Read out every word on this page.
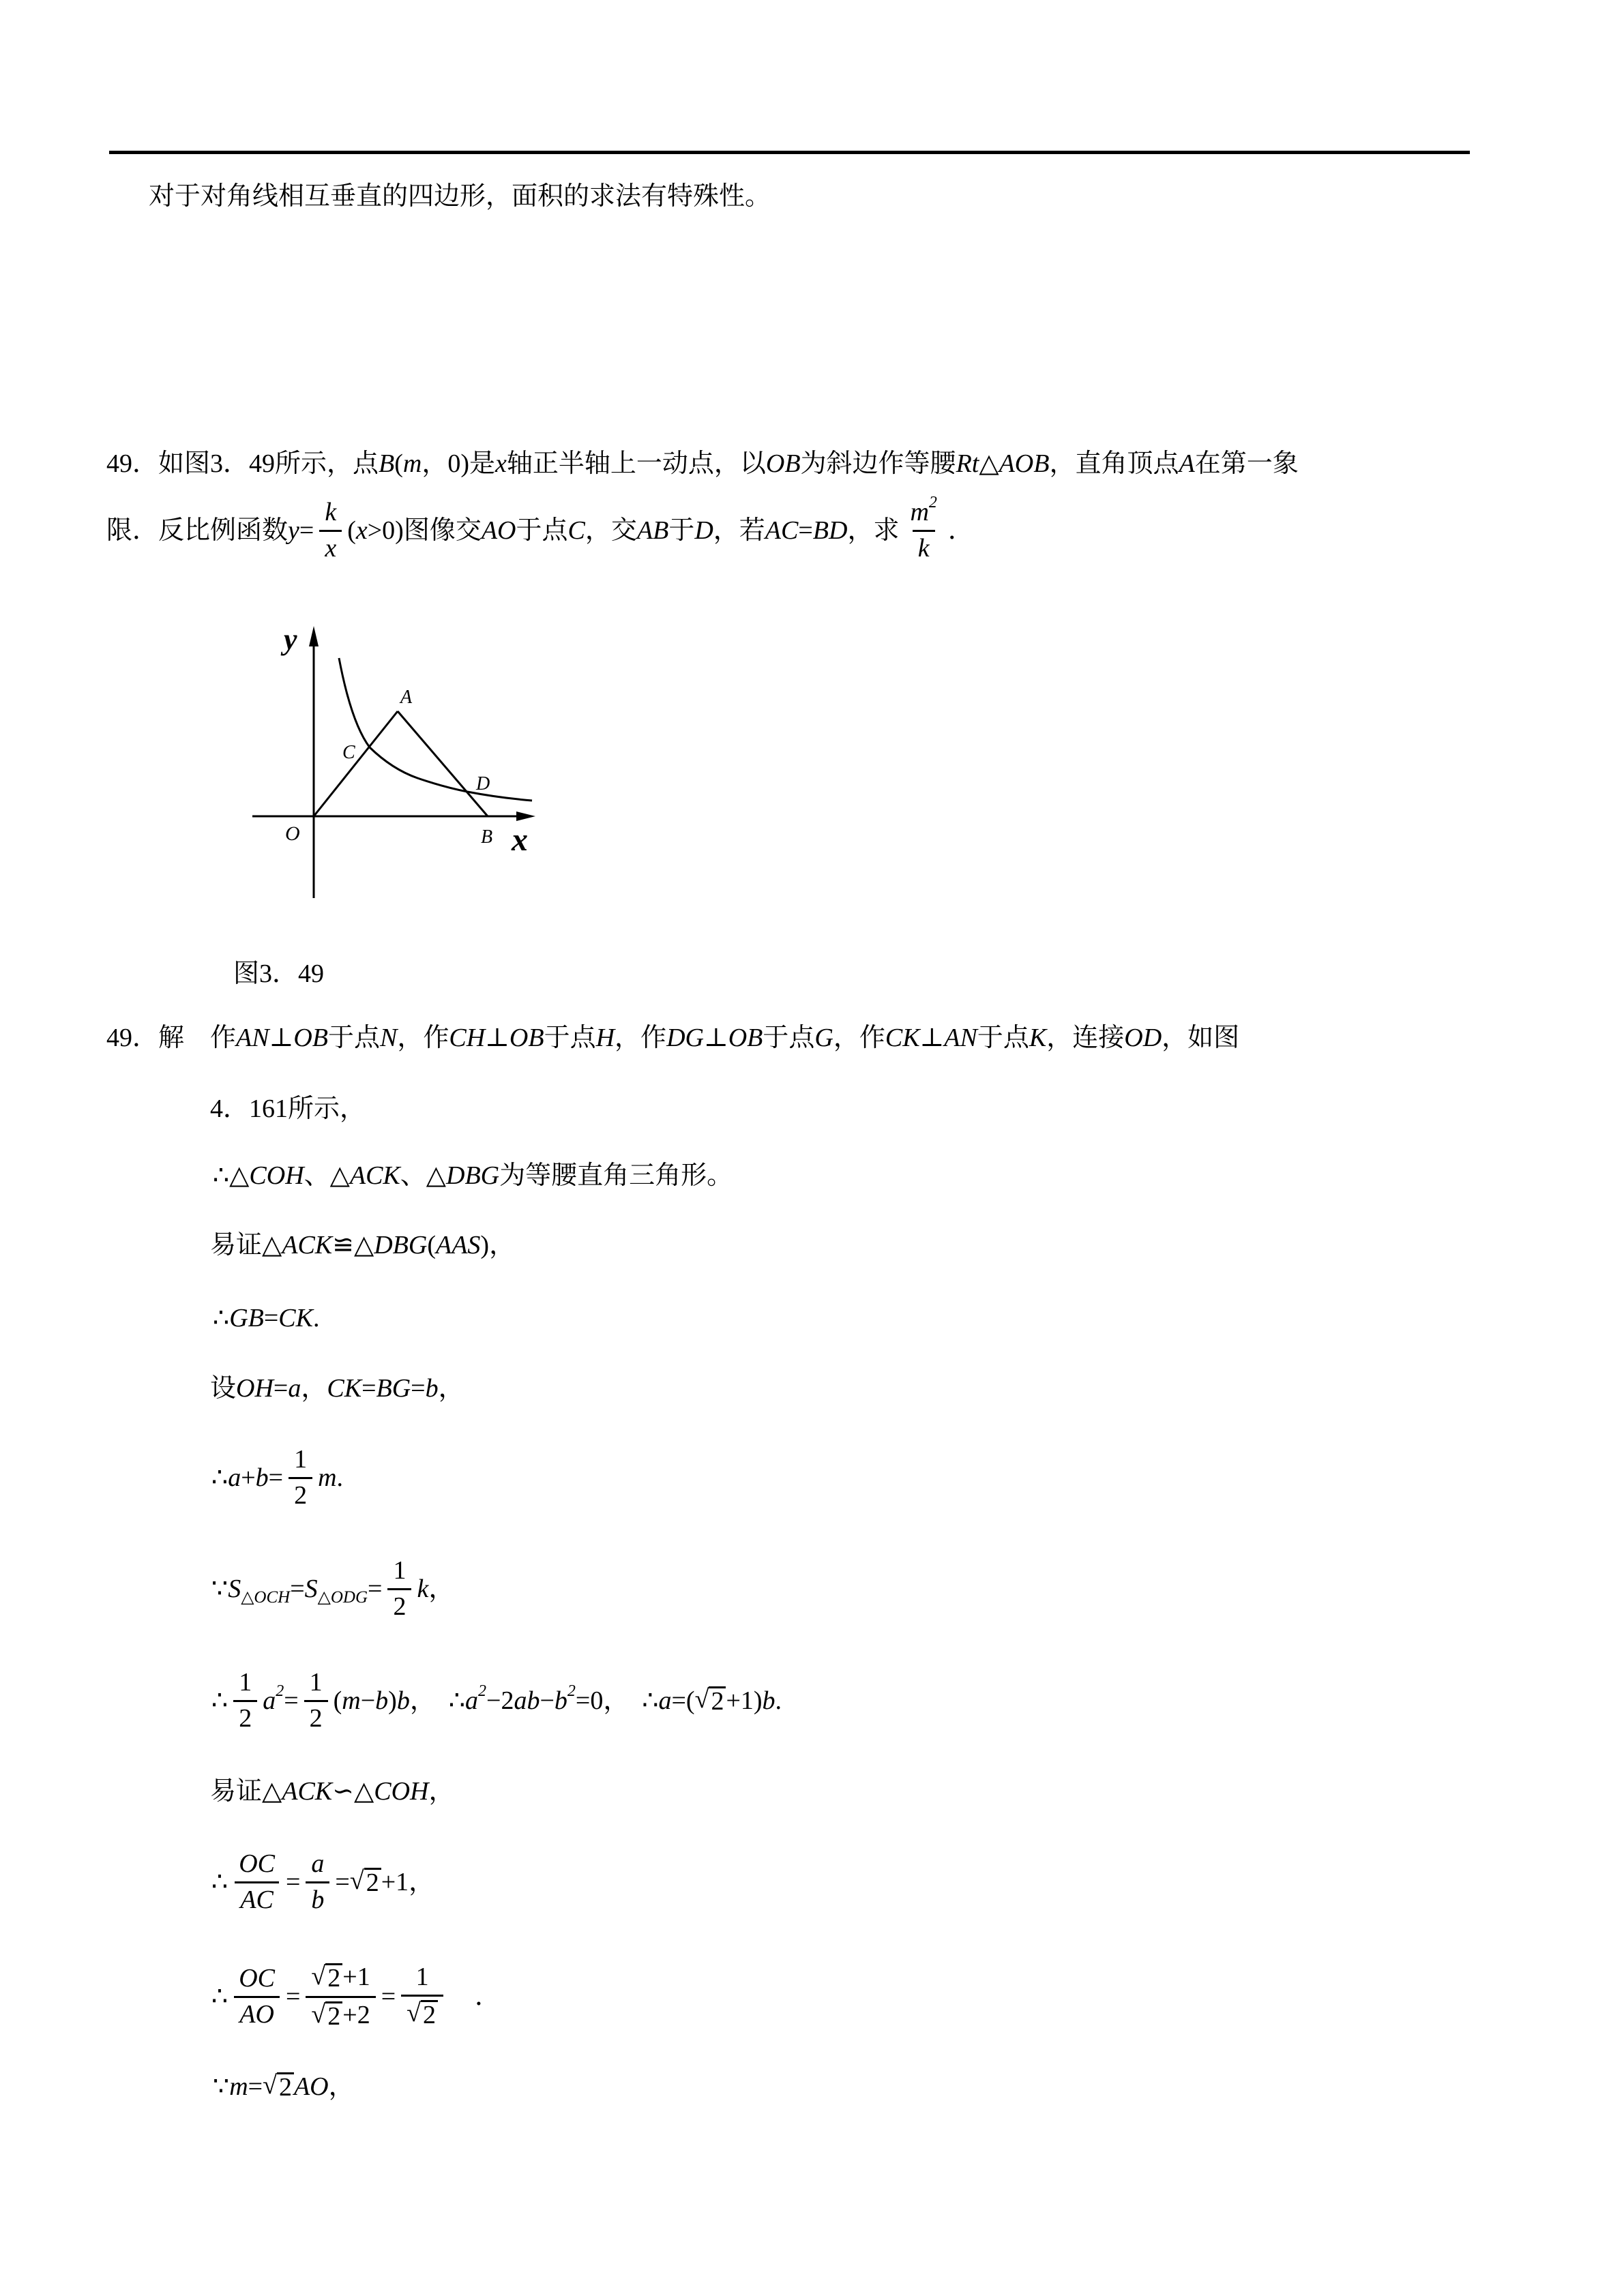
对于对角线相互垂直的四边形，面积的求法有特殊性。
49．如图3．49所示，点 B ( m ，0)是 x 轴正半轴上一动点，以 OB 为斜边作等腰 Rt △ AOB ，直角顶点 A 在第一象
限．反比例函数 $y = \frac{k}{x}$ ( x >0)图像交 AO 于点 C ，交 AB 于 D ，若 AC = BD ，求 $\frac{m 2}{k}$ ．
y
x
O
A
B
C
D
图3．49
49．解　作 AN ⊥ OB 于点 N ，作 CH ⊥ OB 于点 H ，作 DG ⊥ OB 于点 G ，作 CK ⊥ AN 于点 K ，连接 OD ，如图
4．161所示，
∴△ COH 、△ ACK 、△ DBG 为等腰直角三角形。
易证△ ACK ≌△ DBG ( AAS )，
∴ GB = CK .
设 OH = a ， CK = BG = b ，
∴ $a + b = \frac{1}{2}$ m .
∵ S △OCH = S △ODG = $\frac{1}{2}$ k ，
∴ $\frac{1}{2}$ a $2 = \frac{1}{2}$ ( m − b ) b ，　∴ a 2 −2 ab − b 2 =0，　∴ a =( √ 2 +1) b .
易证△ ACK ∽△ COH ，
∴ $\frac{OC}{AC} = \frac{a}{b}$ = √ 2 +1，
∴ $\frac{OC}{AO} = \frac{√ 2 +1}{√ 2 +2} = \frac{1}{√ 2}$ 　．
∵ m = √ 2 AO ，
